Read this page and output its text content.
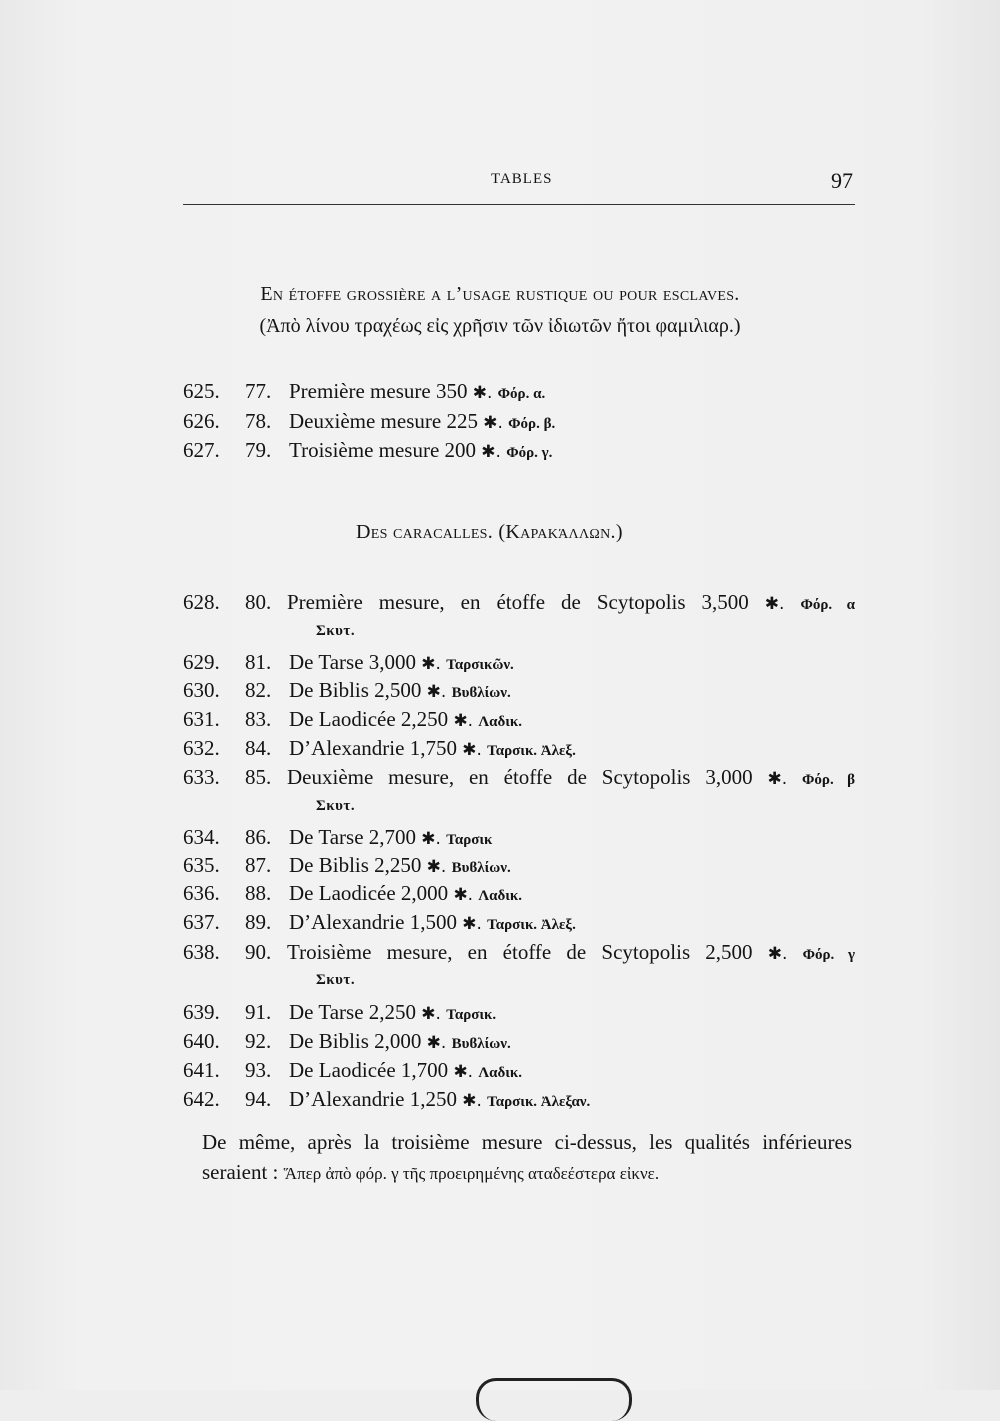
TABLES	97
En étoffe grossière a l’usage rustique ou pour esclaves.
(Ἀπὸ λίνου τραχέως εἰς χρῆσιν τῶν ἰδιωτῶν ἤτοι φαμιλιαρ.)
625. 77. Première mesure 350 ✱. Φόρ. α.
626. 78. Deuxième mesure 225 ✱. Φόρ. β.
627. 79. Troisième mesure 200 ✱. Φόρ. γ.
Des caracalles. (Καρακάλλων.)
628. 80. Première mesure, en étoffe de Scytopolis 3,500 ✱. Φόρ. α
Σκυτ.
629. 81. De Tarse 3,000 ✱. Ταρσικῶν.
630. 82. De Biblis 2,500 ✱. Βυϐλίων.
631. 83. De Laodicée 2,250 ✱. Λαδικ.
632. 84. D’Alexandrie 1,750 ✱. Ταρσικ. Ἀλεξ.
633. 85. Deuxième mesure, en étoffe de Scytopolis 3,000 ✱. Φόρ. β
Σκυτ.
634. 86. De Tarse 2,700 ✱. Ταρσικ
635. 87. De Biblis 2,250 ✱. Βυϐλίων.
636. 88. De Laodicée 2,000 ✱. Λαδικ.
637. 89. D’Alexandrie 1,500 ✱. Ταρσικ. Ἀλεξ.
638. 90. Troisième mesure, en étoffe de Scytopolis 2,500 ✱. Φόρ. γ
Σκυτ.
639. 91. De Tarse 2,250 ✱. Ταρσικ.
640. 92. De Biblis 2,000 ✱. Βυϐλίων.
641. 93. De Laodicée 1,700 ✱. Λαδικ.
642. 94. D’Alexandrie 1,250 ✱. Ταρσικ. Ἀλεξαν.
De même, après la troisième mesure ci-dessus, les qualités inférieures
seraient : Ἅπερ ἀπὸ φόρ. γ τῆς προειρημένης αταδεέστερα εἰκνε.
